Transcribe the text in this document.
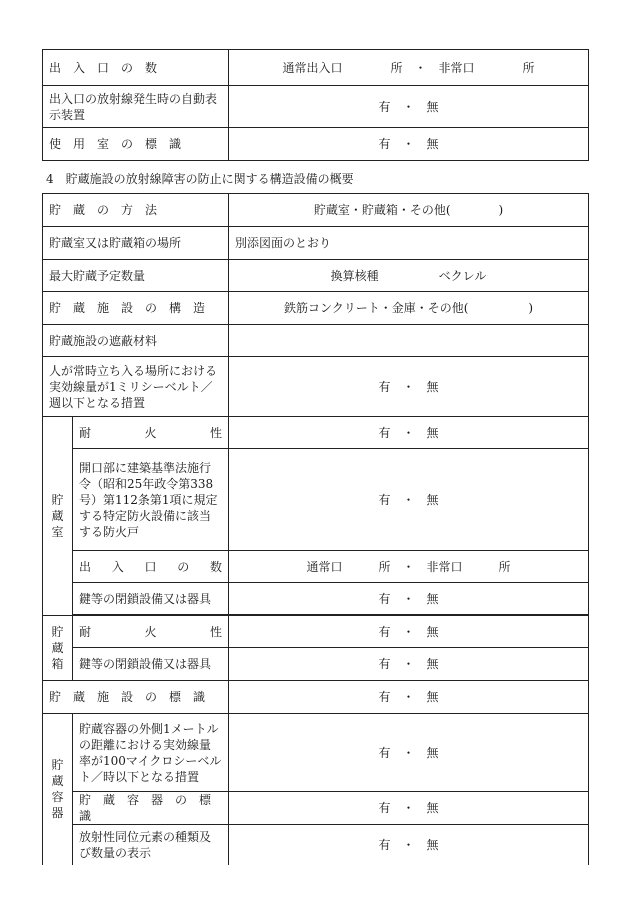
出　入　口　の　数	通常出入口　　　　所　・　非常口　　　　所
出入口の放射線発生時の自動表示装置	有　・　無
使　用　室　の　標　識	有　・　無
4　貯蔵施設の放射線障害の防止に関する構造設備の概要
貯　蔵　の　方　法		貯蔵室・貯蔵箱・その他(　　　　)
貯蔵室又は貯蔵箱の場所		別添図面のとおり
最大貯蔵予定数量		換算核種　　　　　ベクレル
貯　蔵　施　設　の　構　造		鉄筋コンクリート・金庫・その他(　　　　　)
貯蔵施設の遮蔽材料		
人が常時立ち入る場所における実効線量が1ミリシーベルト／週以下となる措置		有　・　無
貯蔵室	耐　　火　　性	有　・　無
	開口部に建築基準法施行令（昭和25年政令第338号）第112条第1項に規定する特定防火設備に該当する防火戸	有　・　無
	出　入　口　の　数	通常口　　　所　・　非常口　　　所
	鍵等の閉鎖設備又は器具	有　・　無

貯蔵箱	耐　　火　　性	有　・　無
	鍵等の閉鎖設備又は器具	有　・　無
貯　蔵　施　設　の　標　識		有　・　無
貯蔵容器	貯蔵容器の外側1メートルの距離における実効線量率が100マイクロシーベルト／時以下となる措置	有　・　無
	貯　蔵　容　器　の　標　識	有　・　無
	放射性同位元素の種類及び数量の表示	有　・　無
